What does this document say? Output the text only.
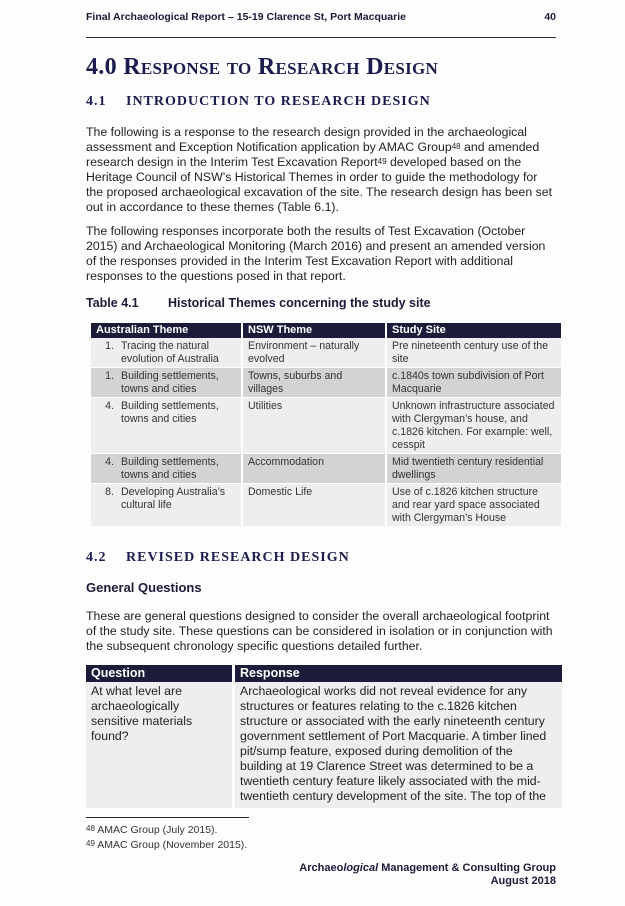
Final Archaeological Report – 15-19 Clarence St, Port Macquarie	40
4.0 Response to Research Design
4.1 INTRODUCTION TO RESEARCH DESIGN
The following is a response to the research design provided in the archaeological assessment and Exception Notification application by AMAC Group$^{48}$ and amended research design in the Interim Test Excavation Report$^{49}$ developed based on the Heritage Council of NSW’s Historical Themes in order to guide the methodology for the proposed archaeological excavation of the site. The research design has been set out in accordance to these themes (Table 6.1).
The following responses incorporate both the results of Test Excavation (October 2015) and Archaeological Monitoring (March 2016) and present an amended version of the responses provided in the Interim Test Excavation Report with additional responses to the questions posed in that report.
Table 4.1 Historical Themes concerning the study site
Australian Theme	NSW Theme	Study Site

1. Tracing the natural evolution of Australia	Environment – naturally evolved	Pre nineteenth century use of the site

1. Building settlements, towns and cities	Towns, suburbs and villages	c.1840s town subdivision of Port Macquarie

4. Building settlements, towns and cities	Utilities	Unknown infrastructure associated with Clergyman’s house, and c.1826 kitchen. For example: well, cesspit

4. Building settlements, towns and cities	Accommodation	Mid twentieth century residential dwellings

8. Developing Australia’s cultural life	Domestic Life	Use of c.1826 kitchen structure and rear yard space associated with Clergyman’s House
4.2 REVISED RESEARCH DESIGN
General Questions
These are general questions designed to consider the overall archaeological footprint of the study site. These questions can be considered in isolation or in conjunction with the subsequent chronology specific questions detailed further.
Question	Response
At what level are archaeologically sensitive materials found?	Archaeological works did not reveal evidence for any structures or features relating to the c.1826 kitchen structure or associated with the early nineteenth century government settlement of Port Macquarie. A timber lined pit/sump feature, exposed during demolition of the building at 19 Clarence Street was determined to be a twentieth century feature likely associated with the mid-twentieth century development of the site. The top of the
$^{48}$ AMAC Group (July 2015).
$^{49}$ AMAC Group (November 2015).
Archaeological Management & Consulting Group
August 2018
